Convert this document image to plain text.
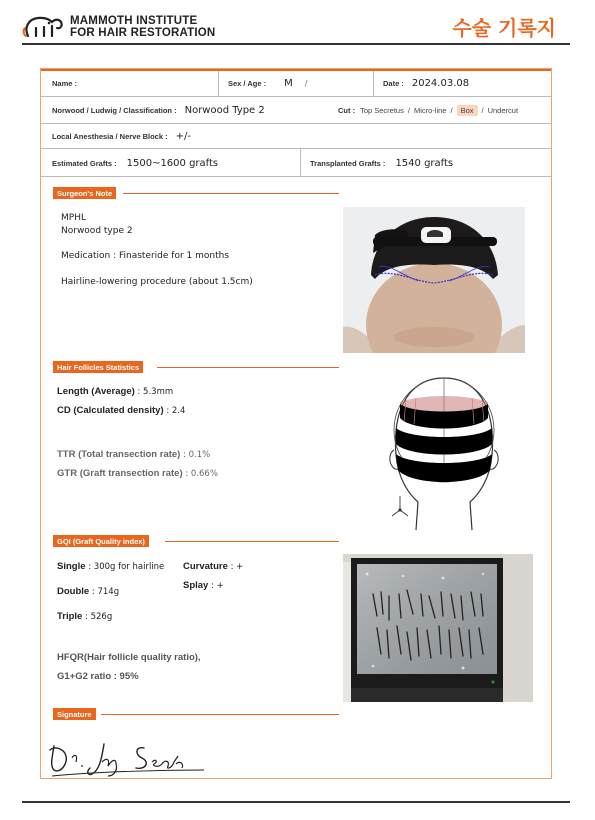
MAMMOTH INSTITUTE
FOR HAIR RESTORATION	수술 기록지
Name :	Sex / Age : M /	Date : 2024.03.08
Norwood / Ludwig / Classification : Norwood Type 2	Cut : Top Secretus / Micro-line /	Box	/ Undercut
Local Anesthesia / Nerve Block : +/-
Estimated Grafts : 1500~1600 grafts	Transplanted Grafts : 1540 grafts
Surgeon's Note
MPHL
Norwood type 2
Medication : Finasteride for 1 months
Hairline-lowering procedure (about 1.5cm)
Hair Follicles Statistics
Length (Average) : 5.3mm
CD (Calculated density) : 2.4
TTR (Total transection rate) : 0.1%
GTR (Graft transection rate) : 0.66%
GQI (Graft Quality index)
Single : 300g for hairline Curvature : +
Splay : +
Double : 714g
Triple : 526g
HFQR(Hair follicle quality ratio),
G1+G2 ratio : 95%
Signature
